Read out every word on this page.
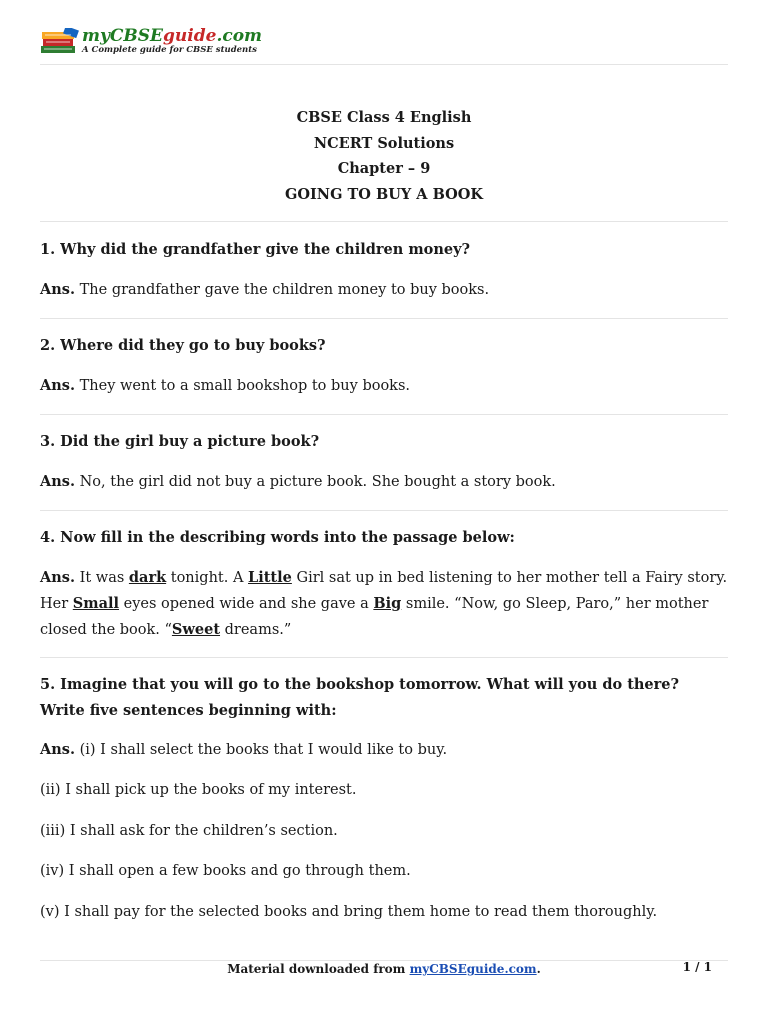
myCBSEguide.com
A Complete guide for CBSE students
CBSE Class 4 English
NCERT Solutions
Chapter – 9
GOING TO BUY A BOOK
1. Why did the grandfather give the children money?
Ans. The grandfather gave the children money to buy books.
2. Where did they go to buy books?
Ans. They went to a small bookshop to buy books.
3. Did the girl buy a picture book?
Ans. No, the girl did not buy a picture book. She bought a story book.
4. Now fill in the describing words into the passage below:
Ans. It was dark tonight. A Little Girl sat up in bed listening to her mother tell a Fairy story. Her Small eyes opened wide and she gave a Big smile. “Now, go Sleep, Paro,” her mother closed the book. “Sweet dreams.”
5. Imagine that you will go to the bookshop tomorrow. What will you do there? Write five sentences beginning with:
Ans. (i) I shall select the books that I would like to buy.
(ii) I shall pick up the books of my interest.
(iii) I shall ask for the children’s section.
(iv) I shall open a few books and go through them.
(v) I shall pay for the selected books and bring them home to read them thoroughly.
Material downloaded from myCBSEguide.com.	1 / 1
